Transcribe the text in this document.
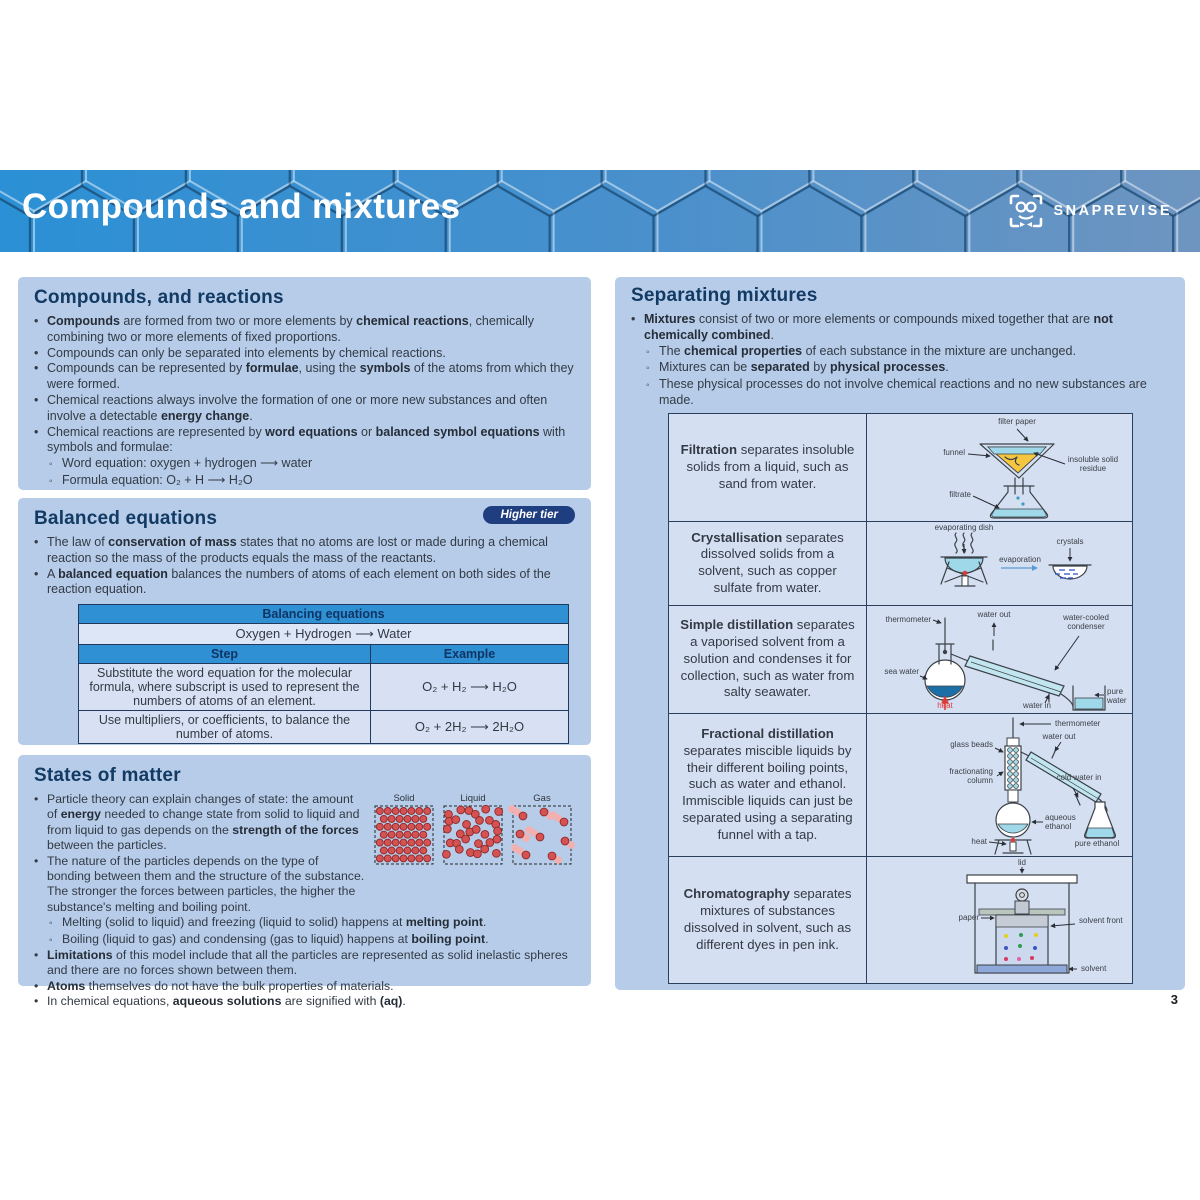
Compounds and mixtures	SNAPREVISE
Compounds, and reactions
•
Compounds are formed from two or more elements by chemical reactions, chemically combining two or more elements of fixed proportions.
•
Compounds can only be separated into elements by chemical reactions.
•
Compounds can be represented by formulae, using the symbols of the atoms from which they were formed.
•
Chemical reactions always involve the formation of one or more new substances and often involve a detectable energy change.
•
Chemical reactions are represented by word equations or balanced symbol equations with symbols and formulae:
◦
Word equation: oxygen + hydrogen ⟶ water
◦
Formula equation: O₂ + H ⟶ H₂O
Balanced equations	Higher tier
•
The law of conservation of mass states that no atoms are lost or made during a chemical reaction so the mass of the products equals the mass of the reactants.
•
A balanced equation balances the numbers of atoms of each element on both sides of the reaction equation.
Balancing equations	
Oxygen + Hydrogen ⟶ Water	
Step	Example
Substitute the word equation for the molecular formula, where subscript is used to represent the numbers of atoms of an element.	O₂ + H₂ ⟶ H₂O
Use multipliers, or coefficients, to balance the number of atoms.	O₂ + 2H₂ ⟶ 2H₂O
States of matter
Solid	Liquid	Gas
•
Particle theory can explain changes of state: the amount of energy needed to change state from solid to liquid and from liquid to gas depends on the strength of the forces between the particles.
•
The nature of the particles depends on the type of bonding between them and the structure of the substance. The stronger the forces between particles, the higher the substance's melting and boiling point.
◦
Melting (solid to liquid) and freezing (liquid to solid) happens at melting point.
◦
Boiling (liquid to gas) and condensing (gas to liquid) happens at boiling point.
•
Limitations of this model include that all the particles are represented as solid inelastic spheres and there are no forces shown between them.
•
Atoms themselves do not have the bulk properties of materials.
•
In chemical equations, aqueous solutions are signified with (aq).
Separating mixtures
•
Mixtures consist of two or more elements or compounds mixed together that are not chemically combined.
◦
The chemical properties of each substance in the mixture are unchanged.
◦
Mixtures can be separated by physical processes.
◦
These physical processes do not involve chemical reactions and no new substances are made.
Filtration separates insoluble solids from a liquid, such as sand from water.	filter paper
funnel
insoluble solid residue
filtrate

Crystallisation separates dissolved solids from a solvent, such as copper sulfate from water.	evaporating dish
evaporation
crystals

Simple distillation separates a vaporised solvent from a solution and condenses it for collection, such as water from salty seawater.	
thermometer
water out	water-cooled condenser
sea water
water in
pure water
heat

Fractional distillation separates miscible liquids by their different boiling points, such as water and ethanol. Immiscible liquids can just be separated using a separating funnel with a tap.	
thermometer
water out
glass beads
fractionating column	cold water in
aqueous ethanol
pure ethanol
heat

Chromatography separates mixtures of substances dissolved in solvent, such as different dyes in pen ink.	lid
paper solvent front
solvent
3
